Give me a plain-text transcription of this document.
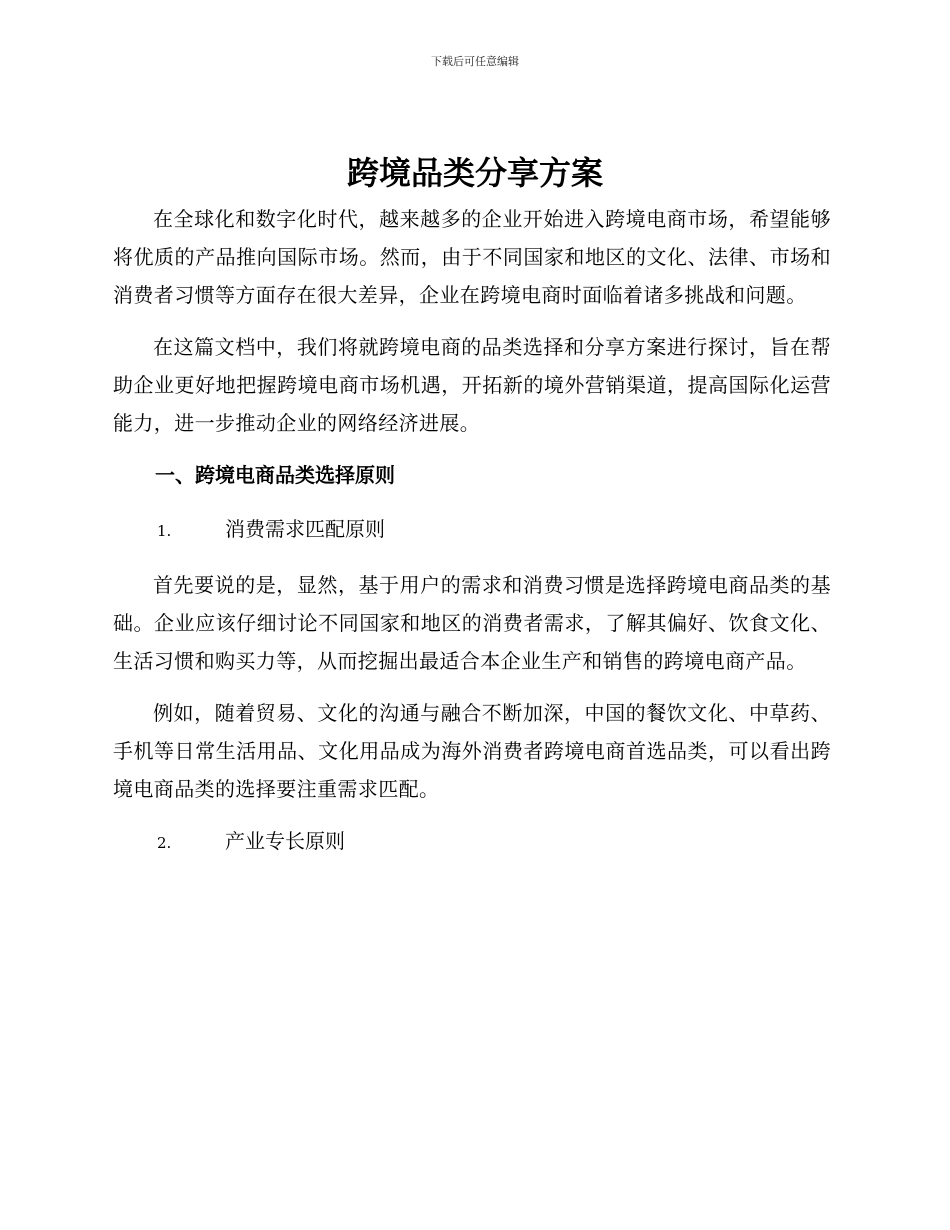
下载后可任意编辑
跨境品类分享方案

在全球化和数字化时代，越来越多的企业开始进入跨境电商市场，希望能够将优质的产品推向国际市场。然而，由于不同国家和地区的文化、法律、市场和消费者习惯等方面存在很大差异，企业在跨境电商时面临着诸多挑战和问题。

在这篇文档中，我们将就跨境电商的品类选择和分享方案进行探讨，旨在帮助企业更好地把握跨境电商市场机遇，开拓新的境外营销渠道，提高国际化运营能力，进一步推动企业的网络经济进展。

一、跨境电商品类选择原则
1.	消费需求匹配原则

首先要说的是，显然，基于用户的需求和消费习惯是选择跨境电商品类的基础。企业应该仔细讨论不同国家和地区的消费者需求，了解其偏好、饮食文化、生活习惯和购买力等，从而挖掘出最适合本企业生产和销售的跨境电商产品。

例如，随着贸易、文化的沟通与融合不断加深，中国的餐饮文化、中草药、手机等日常生活用品、文化用品成为海外消费者跨境电商首选品类，可以看出跨境电商品类的选择要注重需求匹配。

2.	产业专长原则
